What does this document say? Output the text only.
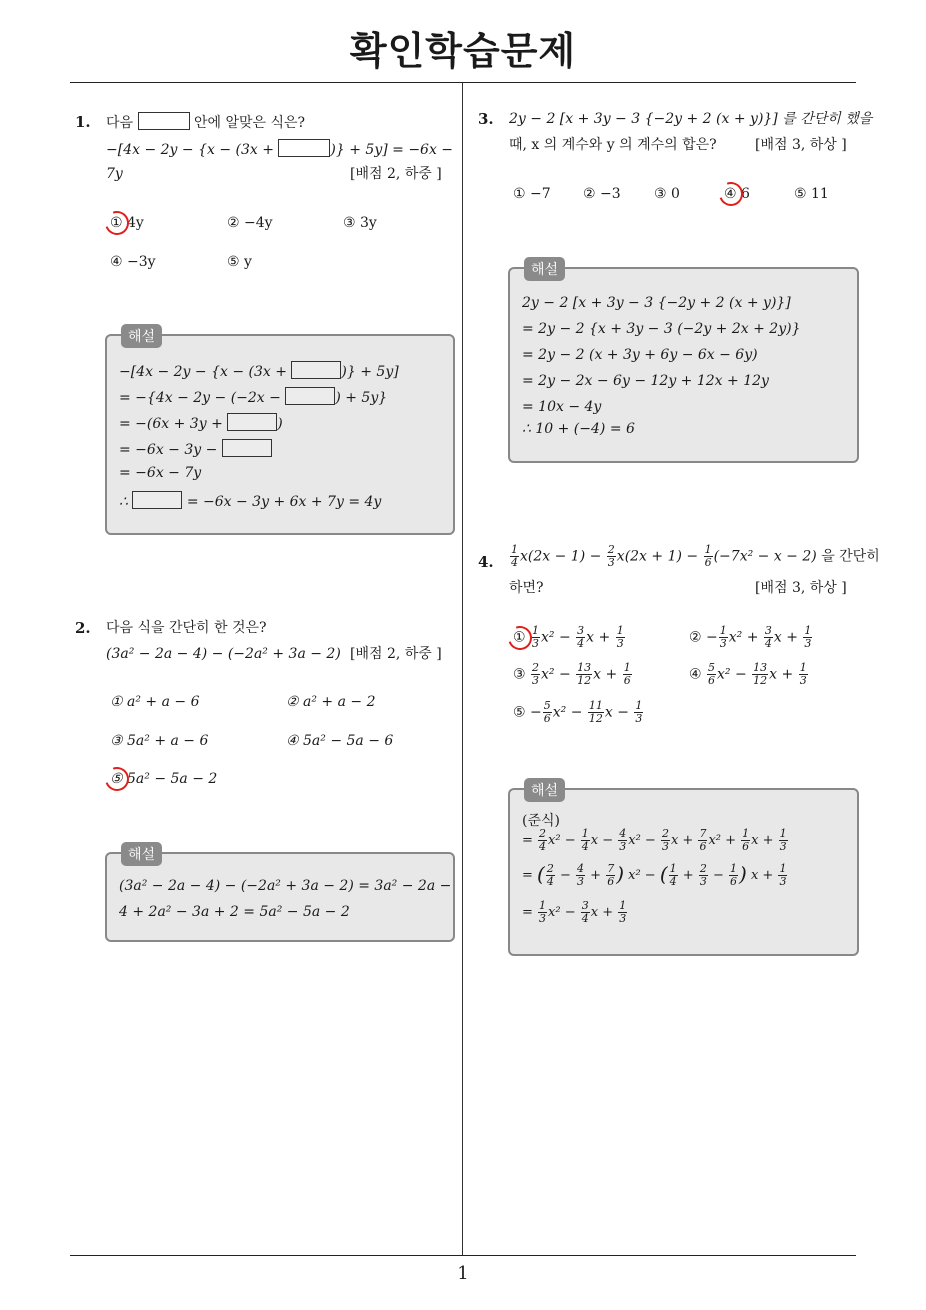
확인학습문제
1
1. 다음	안에 알맞은 식은?
−[4x − 2y − {x − (3x +	)} + 5y] = −6x −
7y	[배점 2, 하중 ]
① 4y	② −4y	③ 3y
④ −3y	⑤ y
해설
−[4x − 2y − {x − (3x +	)} + 5y]
= −{4x − 2y − (−2x −	) + 5y}
= −(6x + 3y +	)
= −6x − 3y −
= −6x − 7y
∴	= −6x − 3y + 6x + 7y = 4y
2. 다음 식을 간단히 한 것은?
(3a² − 2a − 4) − (−2a² + 3a − 2) [배점 2, 하중 ]
① a² + a − 6	② a² + a − 2
③ 5a² + a − 6	④ 5a² − 5a − 6
⑤ 5a² − 5a − 2
해설
(3a² − 2a − 4) − (−2a² + 3a − 2) = 3a² − 2a −
4 + 2a² − 3a + 2 = 5a² − 5a − 2
3. 2y − 2 [x + 3y − 3 {−2y + 2 (x + y)}] 를 간단히 했을
때, x 의 계수와 y 의 계수의 합은?	[배점 3, 하상 ]
① −7 ② −3 ③ 0	④ 6	⑤ 11
해설
2y − 2 [x + 3y − 3 {−2y + 2 (x + y)}]
= 2y − 2 {x + 3y − 3 (−2y + 2x + 2y)}
= 2y − 2 (x + 3y + 6y − 6x − 6y)
= 2y − 2x − 6y − 12y + 12x + 12y
= 10x − 4y
∴ 10 + (−4) = 6
4. $\frac{1}{4} x(2x - 1) - \frac{2}{3} x(2x + 1) - \frac{1}{6} (-7x^2 - x - 2)$ 을 간단히
하면?	[배점 3, 하상 ]
① $\frac{1}{3} x^2 - \frac{3}{4}$ $x + \frac{1}{3}$	② − $\frac{1}{3} x^2 + \frac{3}{4}$ $x + \frac{1}{3}$
③ $\frac{2}{3} x^2 - \frac{13}{12}$ $x + \frac{1}{6}$	④ $\frac{5}{6} x^2 - \frac{13}{12}$ $x + \frac{1}{3}$
⑤ − $\frac{5}{6} x^2 - \frac{11}{12}$ $x - \frac{1}{3}$
해설
(준식)
= $\frac{2}{4} x^2 - \frac{1}{4}$ $x - \frac{4}{3} x^2 - \frac{2}{3}$ $x + \frac{7}{6} x^2 + \frac{1}{6}$ $x + \frac{1}{3}$
= ( $\frac{2}{4} - \frac{4}{3} + \frac{7}{6}$ ) x² − ( $\frac{1}{4} + \frac{2}{3} - \frac{1}{6}$ ) $x + \frac{1}{3}$
= $\frac{1}{3} x^2 - \frac{3}{4}$ $x + \frac{1}{3}$
